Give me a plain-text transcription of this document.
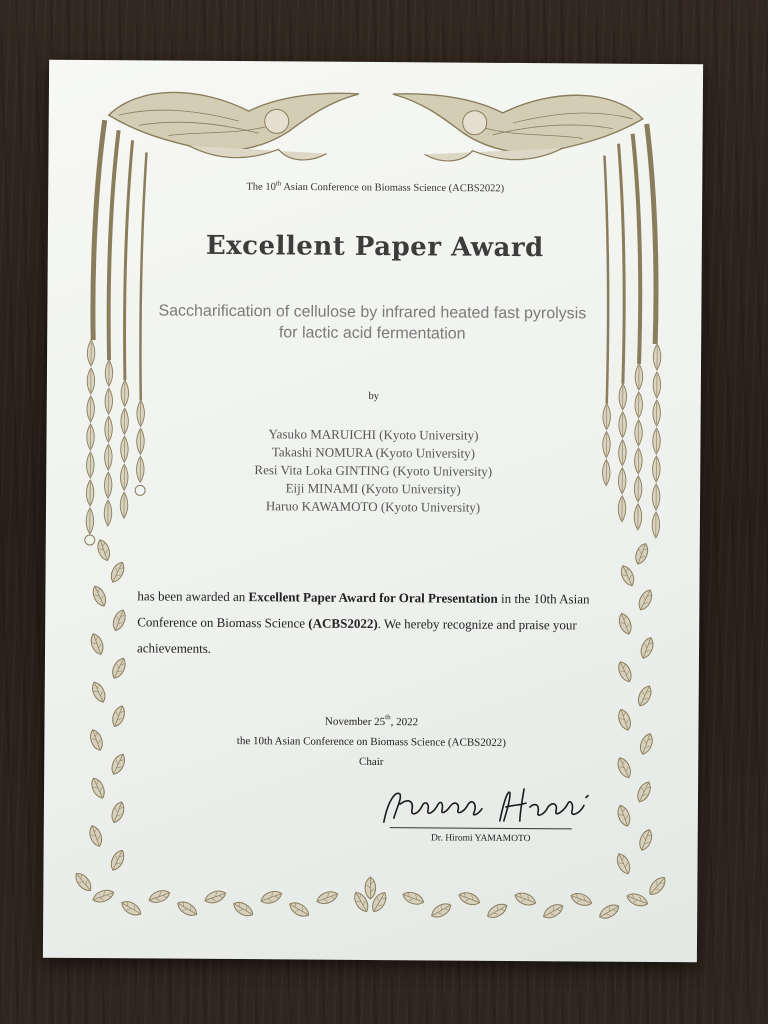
The 10th Asian Conference on Biomass Science (ACBS2022)
Excellent Paper Award
Saccharification of cellulose by infrared heated fast pyrolysis for lactic acid fermentation
by
Yasuko MARUICHI (Kyoto University)
Takashi NOMURA (Kyoto University)
Resi Vita Loka GINTING (Kyoto University)
Eiji MINAMI (Kyoto University)
Haruo KAWAMOTO (Kyoto University)
has been awarded an Excellent Paper Award for Oral Presentation in the 10th Asian Conference on Biomass Science (ACBS2022). We hereby recognize and praise your achievements.
November 25th, 2022
the 10th Asian Conference on Biomass Science (ACBS2022)
Chair
Dr. Hiromi YAMAMOTO
